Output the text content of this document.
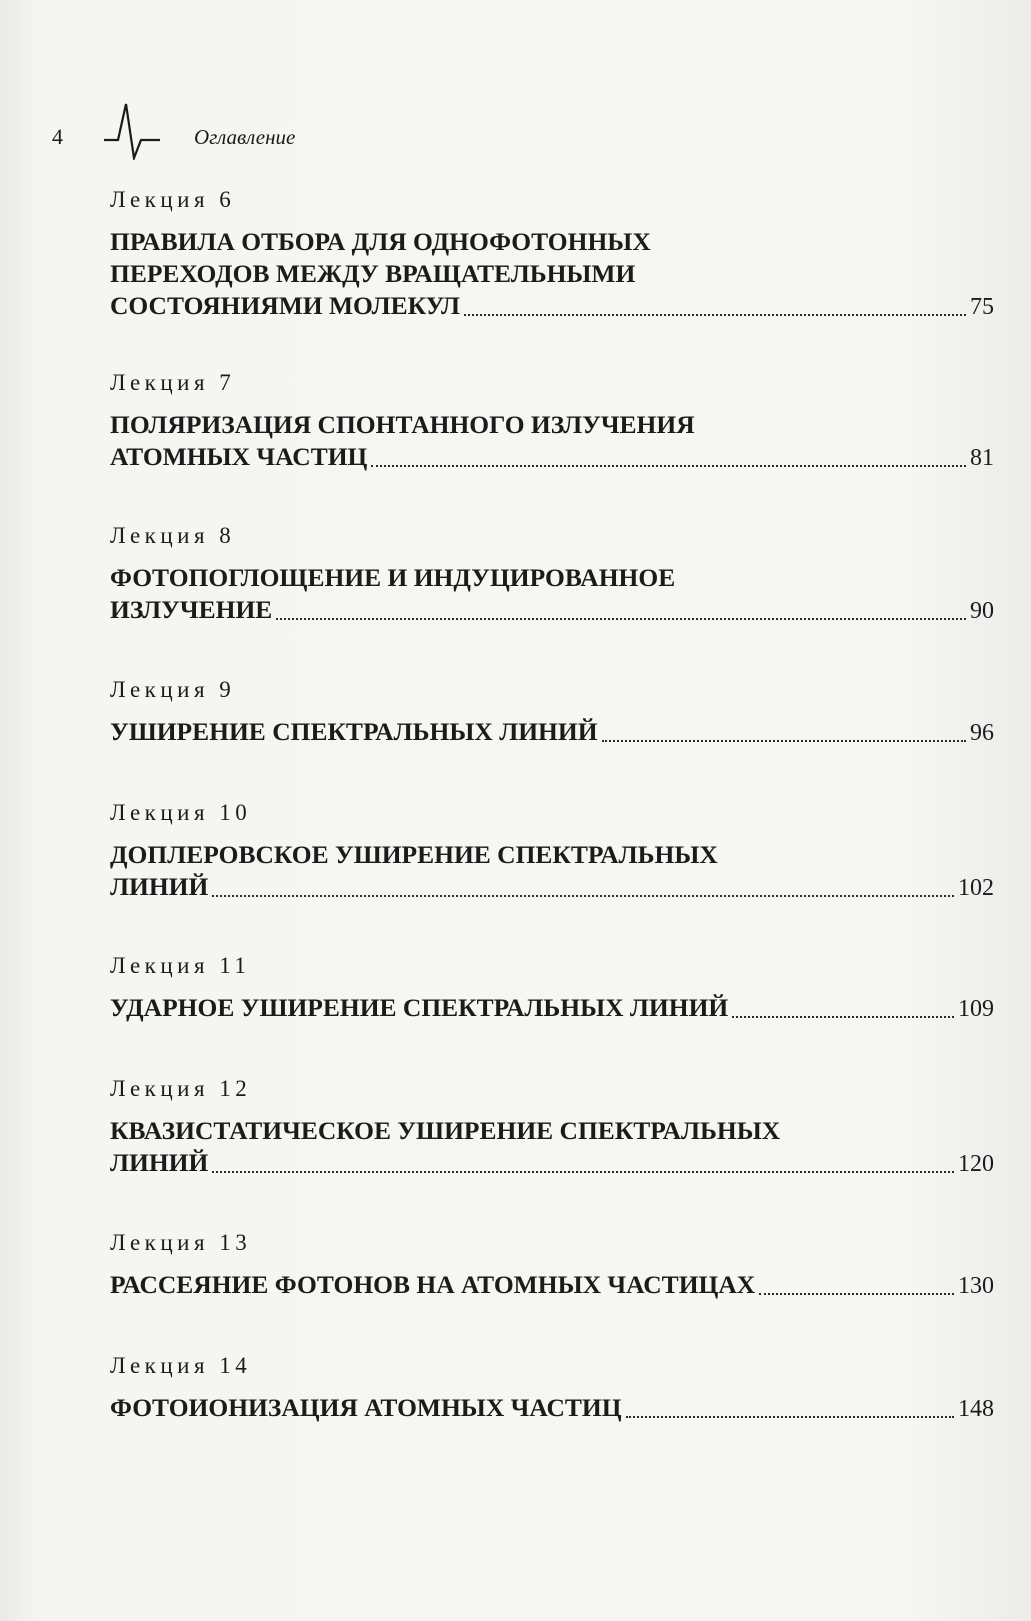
4	Оглавление
Лекция 6
ПРАВИЛА ОТБОРА ДЛЯ ОДНОФОТОННЫХ
ПЕРЕХОДОВ МЕЖДУ ВРАЩАТЕЛЬНЫМИ
СОСТОЯНИЯМИ МОЛЕКУЛ	75
Лекция 7
ПОЛЯРИЗАЦИЯ СПОНТАННОГО ИЗЛУЧЕНИЯ
АТОМНЫХ ЧАСТИЦ	81
Лекция 8
ФОТОПОГЛОЩЕНИЕ И ИНДУЦИРОВАННОЕ
ИЗЛУЧЕНИЕ	90
Лекция 9
УШИРЕНИЕ СПЕКТРАЛЬНЫХ ЛИНИЙ	96
Лекция 10
ДОПЛЕРОВСКОЕ УШИРЕНИЕ СПЕКТРАЛЬНЫХ
ЛИНИЙ	102
Лекция 11
УДАРНОЕ УШИРЕНИЕ СПЕКТРАЛЬНЫХ ЛИНИЙ	109
Лекция 12
КВАЗИСТАТИЧЕСКОЕ УШИРЕНИЕ СПЕКТРАЛЬНЫХ
ЛИНИЙ	120
Лекция 13
РАССЕЯНИЕ ФОТОНОВ НА АТОМНЫХ ЧАСТИЦАХ	130
Лекция 14
ФОТОИОНИЗАЦИЯ АТОМНЫХ ЧАСТИЦ	148
